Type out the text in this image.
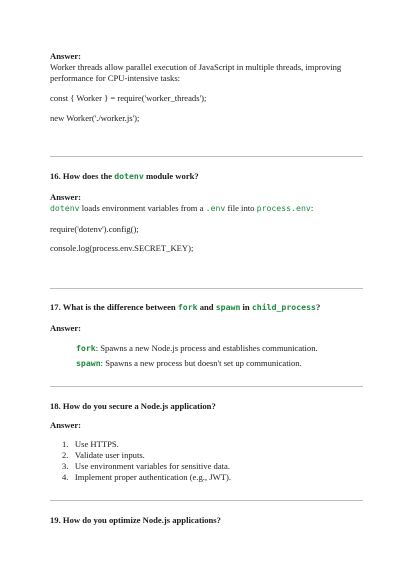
Answer:
Worker threads allow parallel execution of JavaScript in multiple threads, improving
performance for CPU-intensive tasks:
const { Worker } = require('worker_threads');
new Worker('./worker.js');
16. How does the dotenv module work?
Answer:
dotenv loads environment variables from a .env file into process.env:
require('dotenv').config();
console.log(process.env.SECRET_KEY);
17. What is the difference between fork and spawn in child_process?
Answer:
fork: Spawns a new Node.js process and establishes communication.
spawn: Spawns a new process but doesn't set up communication.
18. How do you secure a Node.js application?
Answer:
1. Use HTTPS.
2. Validate user inputs.
3. Use environment variables for sensitive data.
4. Implement proper authentication (e.g., JWT).
19. How do you optimize Node.js applications?
